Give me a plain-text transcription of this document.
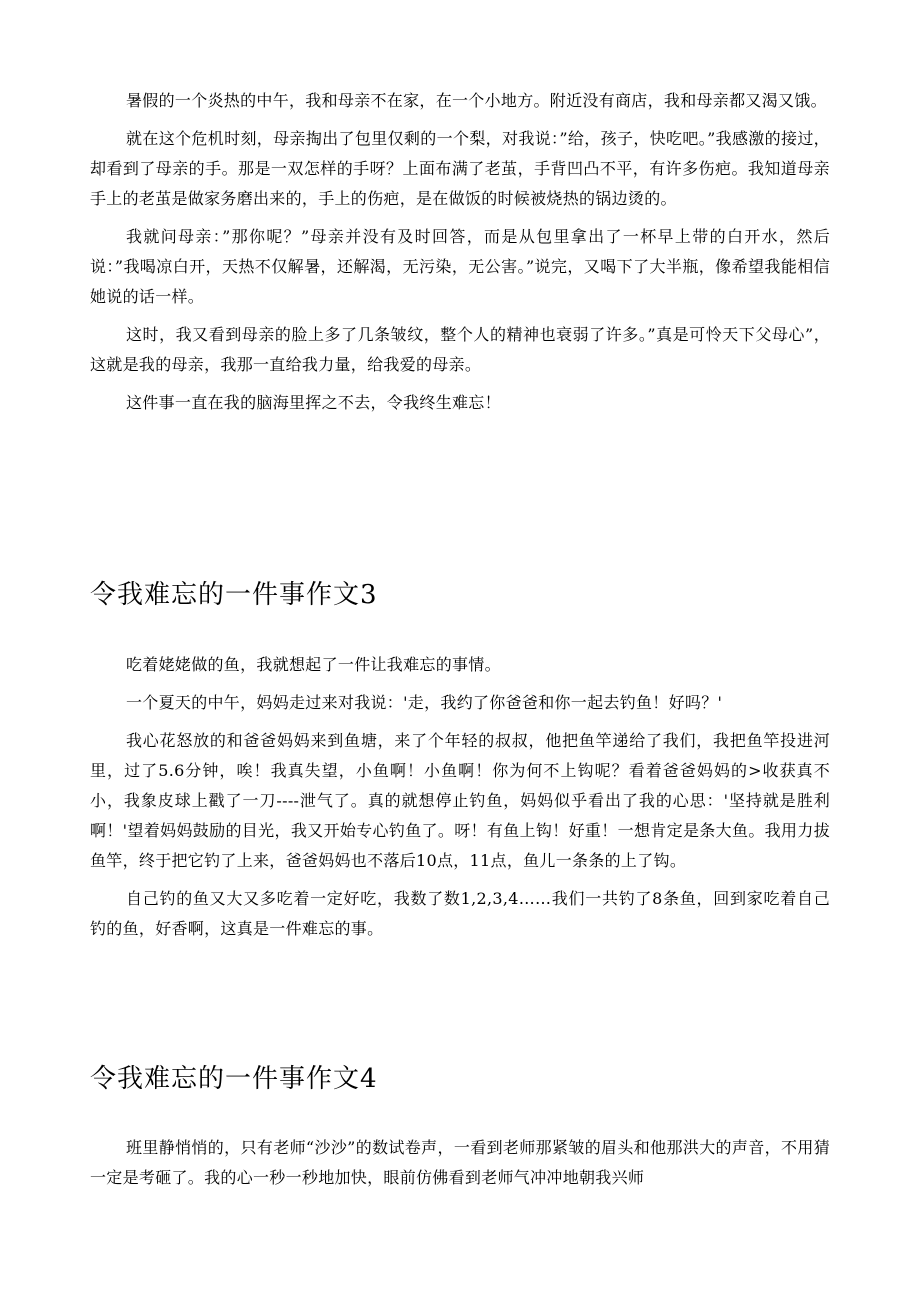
暑假的一个炎热的中午，我和母亲不在家，在一个小地方。附近没有商店，我和母亲都又渴又饿。

就在这个危机时刻，母亲掏出了包里仅剩的一个梨，对我说：”给，孩子，快吃吧。”我感激的接过，却看到了母亲的手。那是一双怎样的手呀？上面布满了老茧，手背凹凸不平，有许多伤疤。我知道母亲手上的老茧是做家务磨出来的，手上的伤疤，是在做饭的时候被烧热的锅边烫的。

我就问母亲：”那你呢？”母亲并没有及时回答，而是从包里拿出了一杯早上带的白开水，然后说：”我喝凉白开，天热不仅解暑，还解渴，无污染，无公害。”说完，又喝下了大半瓶，像希望我能相信她说的话一样。

这时，我又看到母亲的脸上多了几条皱纹，整个人的精神也衰弱了许多。”真是可怜天下父母心”，这就是我的母亲，我那一直给我力量，给我爱的母亲。

这件事一直在我的脑海里挥之不去，令我终生难忘！

令我难忘的一件事作文3

吃着姥姥做的鱼，我就想起了一件让我难忘的事情。

一个夏天的中午，妈妈走过来对我说：'走，我约了你爸爸和你一起去钓鱼！好吗？'

我心花怒放的和爸爸妈妈来到鱼塘，来了个年轻的叔叔，他把鱼竿递给了我们，我把鱼竿投进河里，过了5.6分钟，唉！我真失望，小鱼啊！小鱼啊！你为何不上钩呢？看着爸爸妈妈的>收获真不小，我象皮球上戳了一刀----泄气了。真的就想停止钓鱼，妈妈似乎看出了我的心思：'坚持就是胜利啊！'望着妈妈鼓励的目光，我又开始专心钓鱼了。呀！有鱼上钩！好重！一想肯定是条大鱼。我用力拔鱼竿，终于把它钓了上来，爸爸妈妈也不落后10点，11点，鱼儿一条条的上了钩。

自己钓的鱼又大又多吃着一定好吃，我数了数1,2,3,4……我们一共钓了8条鱼，回到家吃着自己钓的鱼，好香啊，这真是一件难忘的事。

令我难忘的一件事作文4

班里静悄悄的，只有老师“沙沙”的数试卷声，一看到老师那紧皱的眉头和他那洪大的声音，不用猜一定是考砸了。我的心一秒一秒地加快，眼前仿佛看到老师气冲冲地朝我兴师
